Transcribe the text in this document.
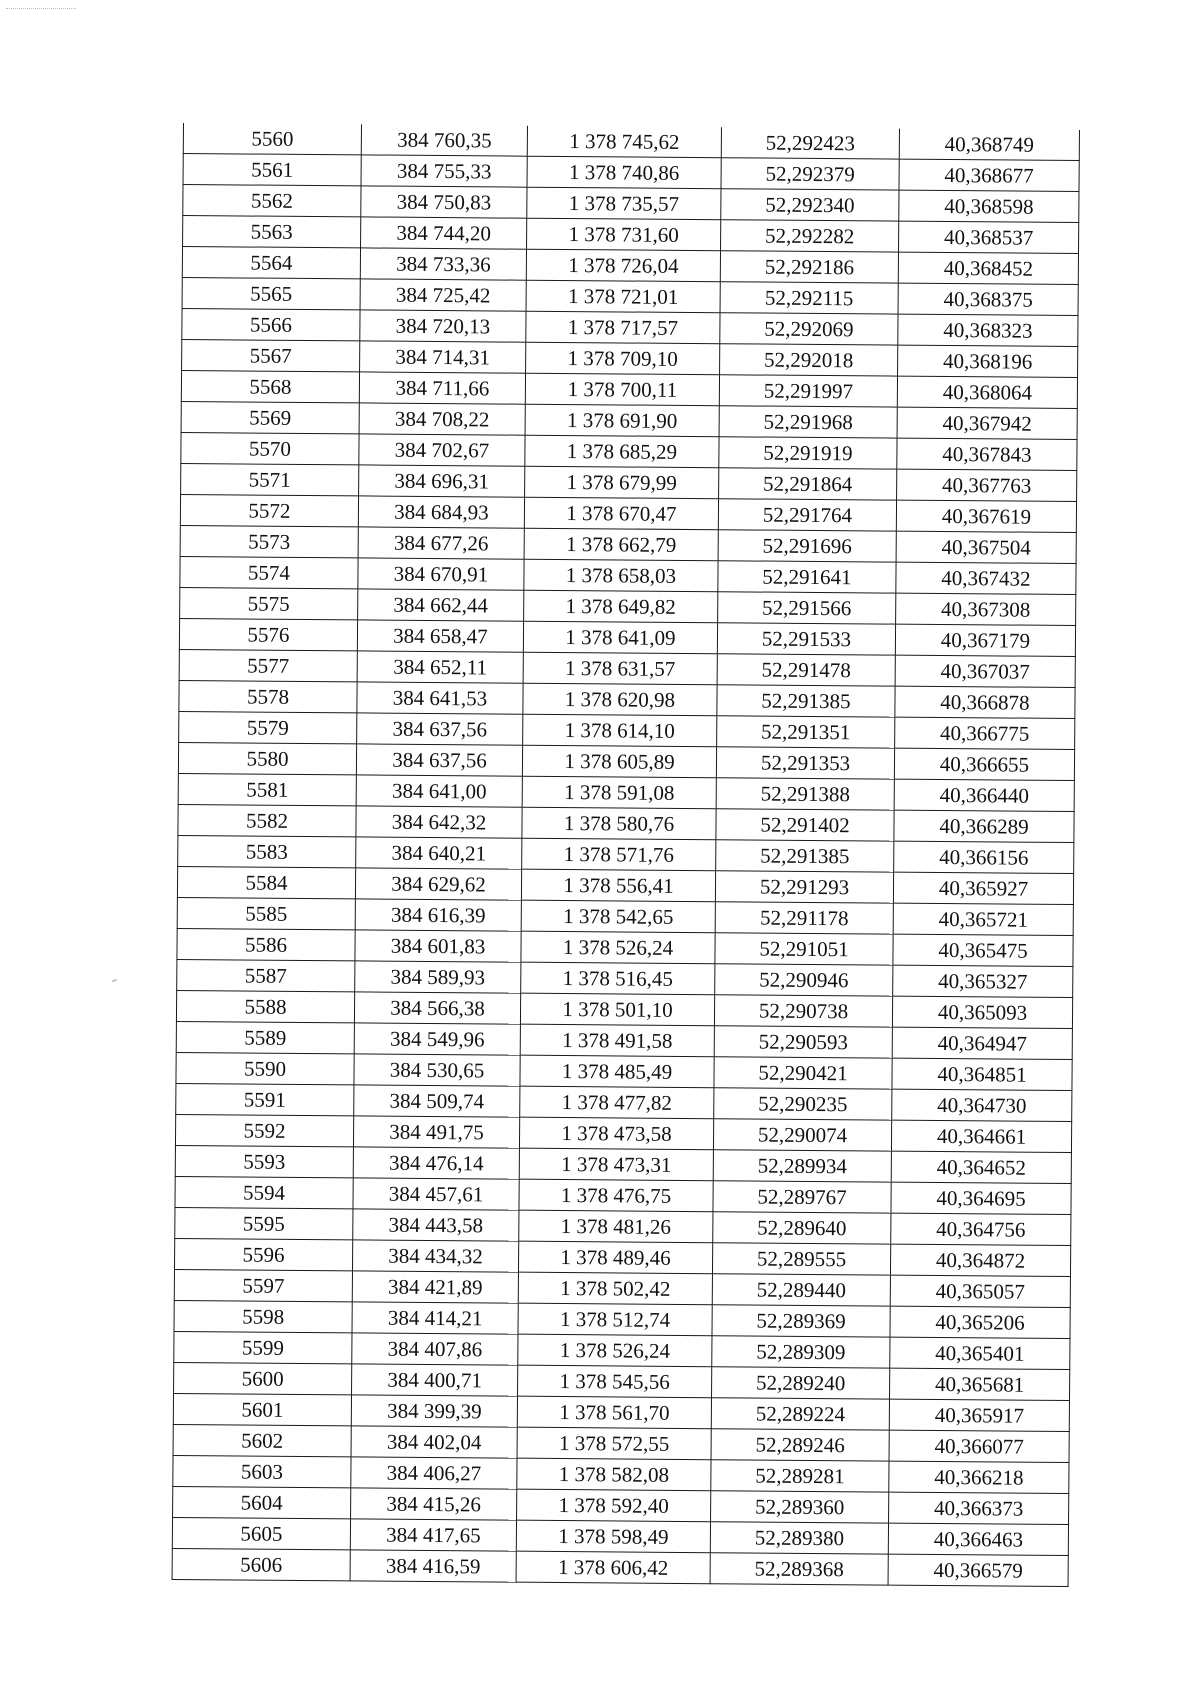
5560	384 760,35	1 378 745,62	52,292423	40,368749
5561	384 755,33	1 378 740,86	52,292379	40,368677
5562	384 750,83	1 378 735,57	52,292340	40,368598
5563	384 744,20	1 378 731,60	52,292282	40,368537
5564	384 733,36	1 378 726,04	52,292186	40,368452
5565	384 725,42	1 378 721,01	52,292115	40,368375
5566	384 720,13	1 378 717,57	52,292069	40,368323
5567	384 714,31	1 378 709,10	52,292018	40,368196
5568	384 711,66	1 378 700,11	52,291997	40,368064
5569	384 708,22	1 378 691,90	52,291968	40,367942
5570	384 702,67	1 378 685,29	52,291919	40,367843
5571	384 696,31	1 378 679,99	52,291864	40,367763
5572	384 684,93	1 378 670,47	52,291764	40,367619
5573	384 677,26	1 378 662,79	52,291696	40,367504
5574	384 670,91	1 378 658,03	52,291641	40,367432
5575	384 662,44	1 378 649,82	52,291566	40,367308
5576	384 658,47	1 378 641,09	52,291533	40,367179
5577	384 652,11	1 378 631,57	52,291478	40,367037
5578	384 641,53	1 378 620,98	52,291385	40,366878
5579	384 637,56	1 378 614,10	52,291351	40,366775
5580	384 637,56	1 378 605,89	52,291353	40,366655
5581	384 641,00	1 378 591,08	52,291388	40,366440
5582	384 642,32	1 378 580,76	52,291402	40,366289
5583	384 640,21	1 378 571,76	52,291385	40,366156
5584	384 629,62	1 378 556,41	52,291293	40,365927
5585	384 616,39	1 378 542,65	52,291178	40,365721
5586	384 601,83	1 378 526,24	52,291051	40,365475
5587	384 589,93	1 378 516,45	52,290946	40,365327
5588	384 566,38	1 378 501,10	52,290738	40,365093
5589	384 549,96	1 378 491,58	52,290593	40,364947
5590	384 530,65	1 378 485,49	52,290421	40,364851
5591	384 509,74	1 378 477,82	52,290235	40,364730
5592	384 491,75	1 378 473,58	52,290074	40,364661
5593	384 476,14	1 378 473,31	52,289934	40,364652
5594	384 457,61	1 378 476,75	52,289767	40,364695
5595	384 443,58	1 378 481,26	52,289640	40,364756
5596	384 434,32	1 378 489,46	52,289555	40,364872
5597	384 421,89	1 378 502,42	52,289440	40,365057
5598	384 414,21	1 378 512,74	52,289369	40,365206
5599	384 407,86	1 378 526,24	52,289309	40,365401
5600	384 400,71	1 378 545,56	52,289240	40,365681
5601	384 399,39	1 378 561,70	52,289224	40,365917
5602	384 402,04	1 378 572,55	52,289246	40,366077
5603	384 406,27	1 378 582,08	52,289281	40,366218
5604	384 415,26	1 378 592,40	52,289360	40,366373
5605	384 417,65	1 378 598,49	52,289380	40,366463
5606	384 416,59	1 378 606,42	52,289368	40,366579
